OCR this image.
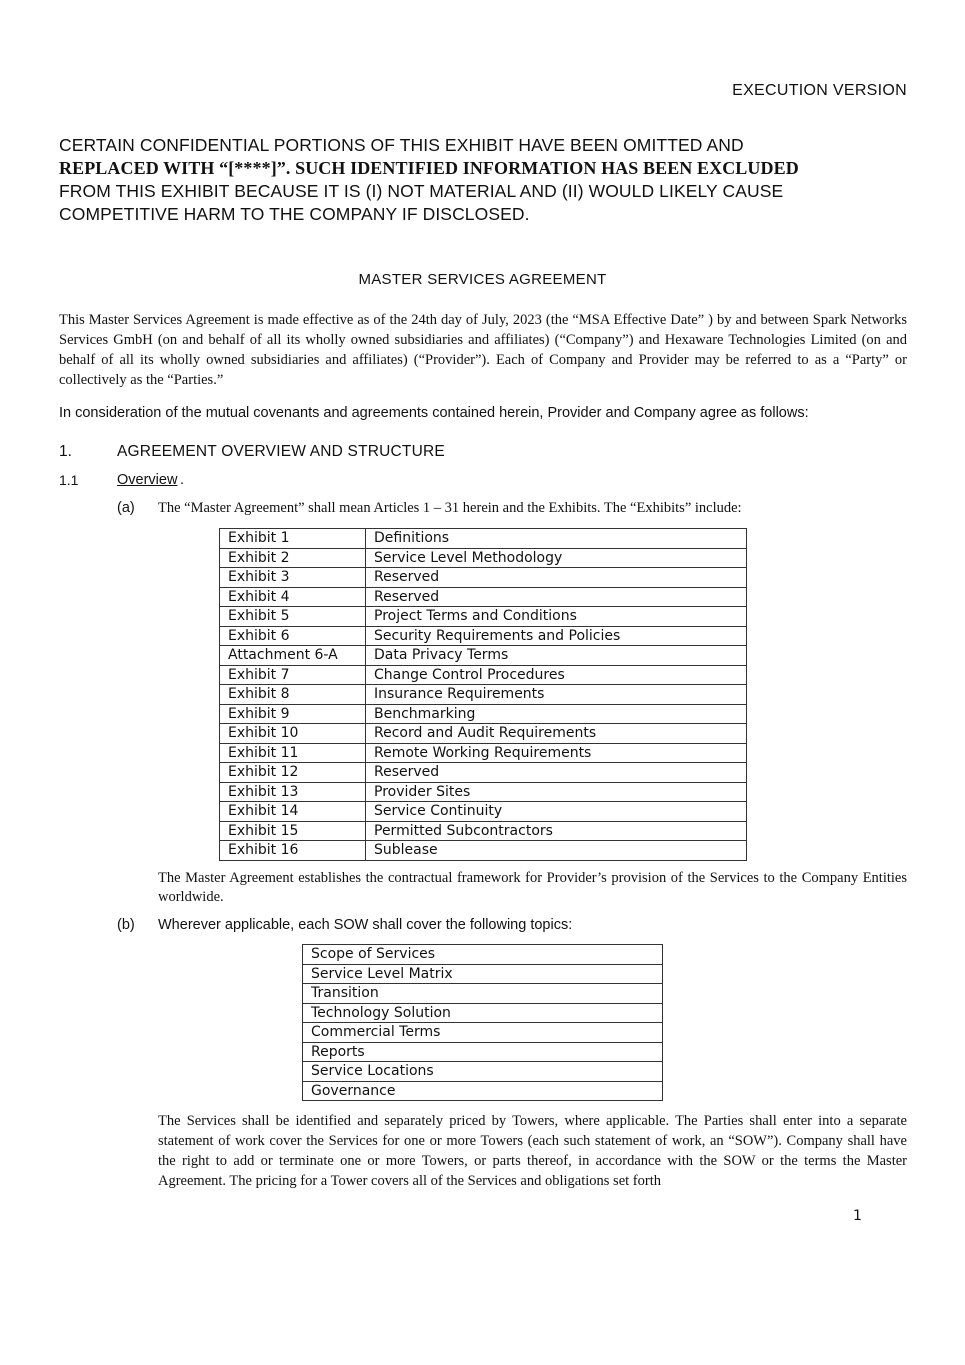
EXECUTION VERSION
CERTAIN CONFIDENTIAL PORTIONS OF THIS EXHIBIT HAVE BEEN OMITTED AND
REPLACED WITH “[****]”. SUCH IDENTIFIED INFORMATION HAS BEEN EXCLUDED
FROM THIS EXHIBIT BECAUSE IT IS (I) NOT MATERIAL AND (II) WOULD LIKELY CAUSE
COMPETITIVE HARM TO THE COMPANY IF DISCLOSED.
MASTER SERVICES AGREEMENT
This Master Services Agreement is made effective as of the 24th day of July, 2023 (the “MSA Effective Date” ) by and between Spark Networks Services GmbH (on and behalf of all its wholly owned subsidiaries and affiliates) (“Company”) and Hexaware Technologies Limited (on and behalf of all its wholly owned subsidiaries and affiliates) (“Provider”). Each of Company and Provider may be referred to as a “Party” or collectively as the “Parties.”
In consideration of the mutual covenants and agreements contained herein, Provider and Company agree as follows:
1.	AGREEMENT OVERVIEW AND STRUCTURE
1.1	Overview .
(a) The “Master Agreement” shall mean Articles 1 – 31 herein and the Exhibits. The “Exhibits” include:
Exhibit 1	Definitions
Exhibit 2	Service Level Methodology
Exhibit 3	Reserved
Exhibit 4	Reserved
Exhibit 5	Project Terms and Conditions
Exhibit 6	Security Requirements and Policies
Attachment 6-A	Data Privacy Terms
Exhibit 7	Change Control Procedures
Exhibit 8	Insurance Requirements
Exhibit 9	Benchmarking
Exhibit 10	Record and Audit Requirements
Exhibit 11	Remote Working Requirements
Exhibit 12	Reserved
Exhibit 13	Provider Sites
Exhibit 14	Service Continuity
Exhibit 15	Permitted Subcontractors
Exhibit 16	Sublease
The Master Agreement establishes the contractual framework for Provider’s provision of the Services to the Company Entities worldwide.
(b) Wherever applicable, each SOW shall cover the following topics:
Scope of Services
Service Level Matrix
Transition
Technology Solution
Commercial Terms
Reports
Service Locations
Governance
The Services shall be identified and separately priced by Towers, where applicable. The Parties shall enter into a separate statement of work cover the Services for one or more Towers (each such statement of work, an “SOW”). Company shall have the right to add or terminate one or more Towers, or parts thereof, in accordance with the SOW or the terms the Master Agreement. The pricing for a Tower covers all of the Services and obligations set forth
1
